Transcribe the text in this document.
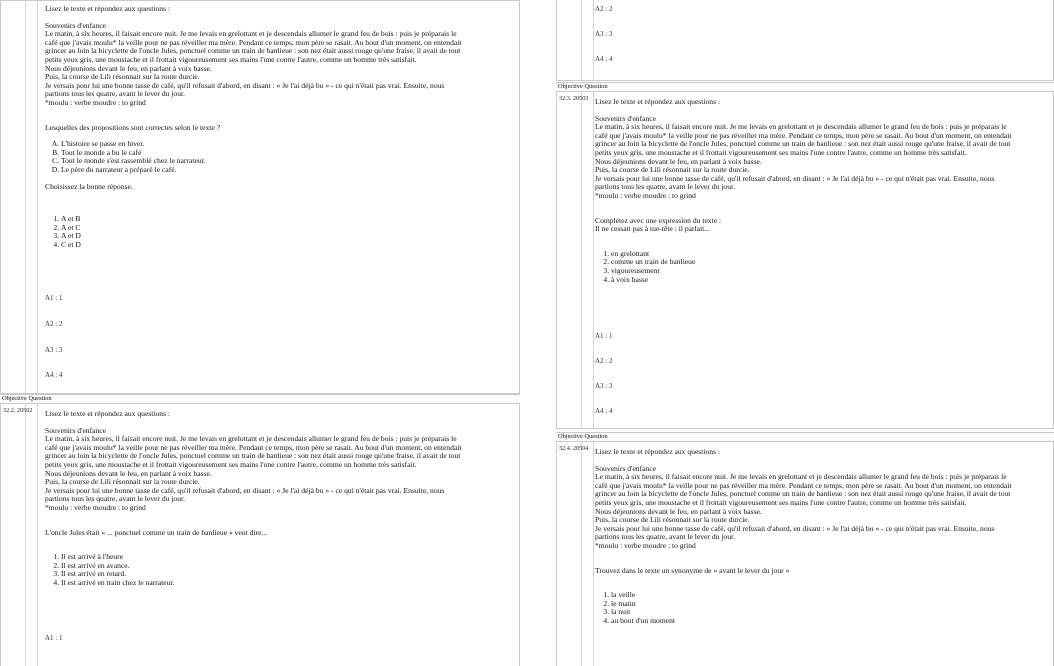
Lisez le texte et répondez aux questions :

Souvenirs d'enfance

Le matin, à six heures, il faisait encore nuit. Je me levais en grelottant et je descendais allumer le grand feu de bois : puis je préparais le

café que j'avais moulu* la veille pour ne pas réveiller ma mère. Pendant ce temps, mon père se rasait. Au bout d'un moment, on entendait

grincer au loin la bicyclette de l'oncle Jules, ponctuel comme un train de banlieue : son nez était aussi rouge qu'une fraise, il avait de tout

petits yeux gris, une moustache et il frottait vigoureusement ses mains l'une contre l'autre, comme un homme très satisfait.

Nous déjeunions devant le feu, en parlant à voix basse.

Puis, la course de Lili résonnait sur la route durcie.

Je versais pour lui une bonne tasse de café, qu'il refusait d'abord, en disant : « Je l'ai déjà bu » - ce qui n'était pas vrai. Ensuite, nous

partions tous les quatre, avant le lever du jour.

*moulu : verbe moudre : to grind

Lesquelles des propositions sont correctes selon le texte ?

A. L'histoire se passe en hiver.
B. Tout le monde a bu le café
C. Tout le monde s'est rassemblé chez le narrateur.
D. Le père du narrateur a préparé le café.

Choisissez la bonne réponse.

1. A et B
2. A et C
3. A et D
4. C et D
A1 : 1
A2 : 2
A3 : 3
A4 : 4
Objective Question
32.2. 20502 Lisez le texte et répondez aux questions :

Souvenirs d'enfance

Le matin, à six heures, il faisait encore nuit. Je me levais en grelottant et je descendais allumer le grand feu de bois : puis je préparais le

café que j'avais moulu* la veille pour ne pas réveiller ma mère. Pendant ce temps, mon père se rasait. Au bout d'un moment, on entendait

grincer au loin la bicyclette de l'oncle Jules, ponctuel comme un train de banlieue : son nez était aussi rouge qu'une fraise, il avait de tout

petits yeux gris, une moustache et il frottait vigoureusement ses mains l'une contre l'autre, comme un homme très satisfait.

Nous déjeunions devant le feu, en parlant à voix basse.

Puis, la course de Lili résonnait sur la route durcie.

Je versais pour lui une bonne tasse de café, qu'il refusait d'abord, en disant : « Je l'ai déjà bu » - ce qui n'était pas vrai. Ensuite, nous

partions tous les quatre, avant le lever du jour.

*moulu : verbe moudre : to grind

L'oncle Jules était « ... ponctuel comme un train de banlieue » veut dire...

1. Il est arrivé à l'heure
2. Il est arrivé en avance.
3. Il est arrivé en retard.
4. Il est arrivé en train chez le narrateur.
A1 : 1
A2 : 2
A3 : 3
A4 : 4
Objective Question
32.3. 20503 Lisez le texte et répondez aux questions :

Souvenirs d'enfance

Le matin, à six heures, il faisait encore nuit. Je me levais en grelottant et je descendais allumer le grand feu de bois : puis je préparais le

café que j'avais moulu* la veille pour ne pas réveiller ma mère. Pendant ce temps, mon père se rasait. Au bout d'un moment, on entendait

grincer au loin la bicyclette de l'oncle Jules, ponctuel comme un train de banlieue : son nez était aussi rouge qu'une fraise, il avait de tout

petits yeux gris, une moustache et il frottait vigoureusement ses mains l'une contre l'autre, comme un homme très satisfait.

Nous déjeunions devant le feu, en parlant à voix basse.

Puis, la course de Lili résonnait sur la route durcie.

Je versais pour lui une bonne tasse de café, qu'il refusait d'abord, en disant : « Je l'ai déjà bu » - ce qui n'était pas vrai. Ensuite, nous

partions tous les quatre, avant le lever du jour.

*moulu : verbe moudre : to grind

Complétez avec une expression du texte :

Il ne cessait pas à tue-tête : il parlait...

1. en grelottant
2. comme un train de banlieue
3. vigoureusement
4. à voix basse
A1 : 1
A2 : 2
A3 : 3
A4 : 4
Objective Question
32.4. 20504 Lisez le texte et répondez aux questions :

Souvenirs d'enfance

Le matin, à six heures, il faisait encore nuit. Je me levais en grelottant et je descendais allumer le grand feu de bois : puis je préparais le

café que j'avais moulu* la veille pour ne pas réveiller ma mère. Pendant ce temps, mon père se rasait. Au bout d'un moment, on entendait

grincer au loin la bicyclette de l'oncle Jules, ponctuel comme un train de banlieue : son nez était aussi rouge qu'une fraise, il avait de tout

petits yeux gris, une moustache et il frottait vigoureusement ses mains l'une contre l'autre, comme un homme très satisfait.

Nous déjeunions devant le feu, en parlant à voix basse.

Puis, la course de Lili résonnait sur la route durcie.

Je versais pour lui une bonne tasse de café, qu'il refusait d'abord, en disant : « Je l'ai déjà bu » - ce qui n'était pas vrai. Ensuite, nous

partions tous les quatre, avant le lever du jour.

*moulu : verbe moudre : to grind

Trouvez dans le texte un synonyme de « avant le lever du jour »

1. la veille
2. le matin
3. la nuit
4. au bout d'un moment
